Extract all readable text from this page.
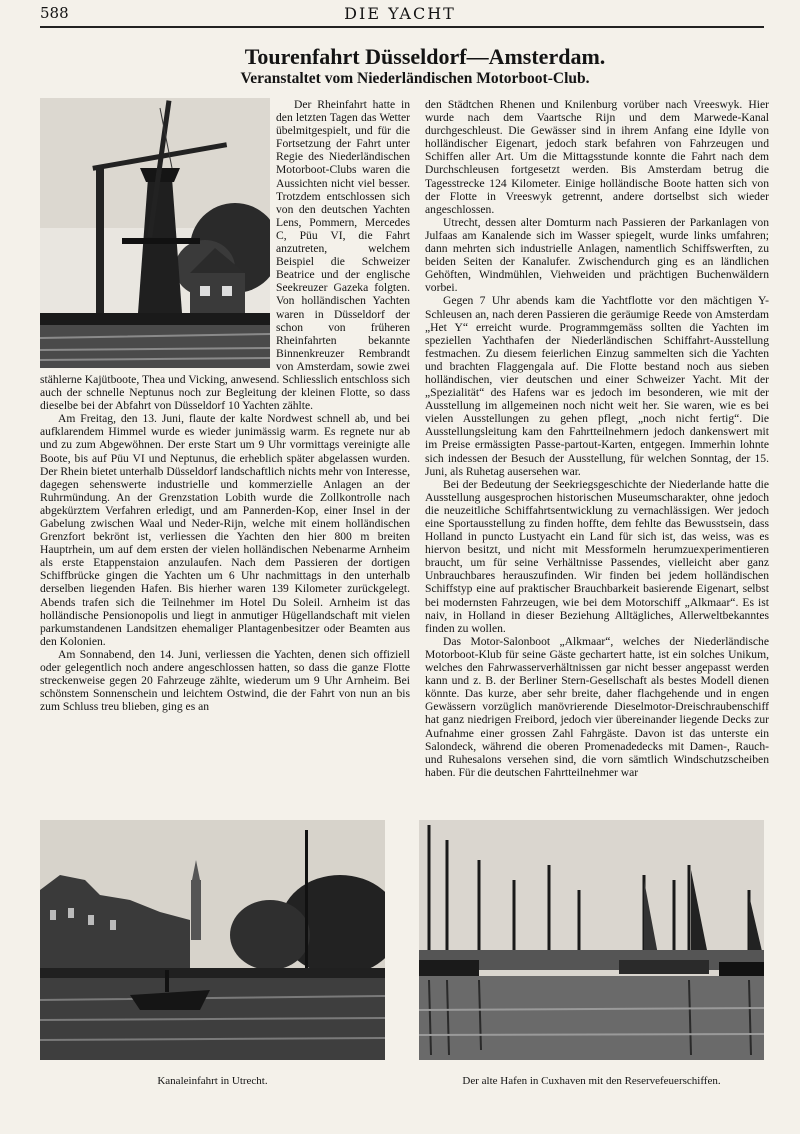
588	DIE YACHT
Tourenfahrt Düsseldorf—Amsterdam.
Veranstaltet vom Niederländischen Motorboot-Club.

Der Rheinfahrt hatte in den letzten Tagen das Wetter übelmitgespielt, und für die Fortsetzung der Fahrt unter Regie des Niederländischen Motorboot-Clubs waren die Aussichten nicht viel besser. Trotzdem entschlossen sich von den deutschen Yachten Lens, Pommern, Mercedes C, Püu VI, die Fahrt anzutreten, welchem Beispiel die Schweizer Beatrice und der englische Seekreuzer Gazeka folgten. Von holländischen Yachten waren in Düsseldorf der schon von früheren Rheinfahrten bekannte Binnenkreuzer Rembrandt von Amsterdam, sowie zwei stählerne Kajütboote, Thea und Vicking, anwesend. Schliesslich entschloss sich auch der schnelle Neptunus noch zur Begleitung der kleinen Flotte, so dass dieselbe bei der Abfahrt von Düsseldorf 10 Yachten zählte.

Am Freitag, den 13. Juni, flaute der kalte Nordwest schnell ab, und bei aufklarendem Himmel wurde es wieder junimässig warm. Es regnete nur ab und zu zum Abgewöhnen. Der erste Start um 9 Uhr vormittags vereinigte alle Boote, bis auf Püu VI und Neptunus, die erheblich später abgelassen wurden. Der Rhein bietet unterhalb Düsseldorf landschaftlich nichts mehr von Interesse, dagegen sehenswerte industrielle und kommerzielle Anlagen an der Ruhrmündung. An der Grenzstation Lobith wurde die Zollkontrolle nach abgekürztem Verfahren erledigt, und am Pannerden-Kop, einer Insel in der Gabelung zwischen Waal und Neder-Rijn, welche mit einem holländischen Grenzfort bekrönt ist, verliessen die Yachten den hier 800 m breiten Hauptrhein, um auf dem ersten der vielen holländischen Nebenarme Arnheim als erste Etappenstaion anzulaufen. Nach dem Passieren der dortigen Schiffbrücke gingen die Yachten um 6 Uhr nachmittags in den unterhalb derselben liegenden Hafen. Bis hierher waren 139 Kilometer zurückgelegt. Abends trafen sich die Teilnehmer im Hotel Du Soleil. Arnheim ist das holländische Pensionopolis und liegt in anmutiger Hügellandschaft mit vielen parkumstandenen Landsitzen ehemaliger Plantagenbesitzer oder Beamten aus den Kolonien.

Am Sonnabend, den 14. Juni, verliessen die Yachten, denen sich offiziell oder gelegentlich noch andere angeschlossen hatten, so dass die ganze Flotte streckenweise gegen 20 Fahrzeuge zählte, wiederum um 9 Uhr Arnheim. Bei schönstem Sonnenschein und leichtem Ostwind, die der Fahrt von nun an bis zum Schluss treu blieben, ging es an

den Städtchen Rhenen und Knilenburg vorüber nach Vreeswyk. Hier wurde nach dem Vaartsche Rijn und dem Marwede-Kanal durchgeschleust. Die Gewässer sind in ihrem Anfang eine Idylle von holländischer Eigenart, jedoch stark befahren von Fahrzeugen und Schiffen aller Art. Um die Mittagsstunde konnte die Fahrt nach dem Durchschleusen fortgesetzt werden. Bis Amsterdam betrug die Tagesstrecke 124 Kilometer. Einige holländische Boote hatten sich von der Flotte in Vreeswyk getrennt, andere dortselbst sich wieder angeschlossen.

Utrecht, dessen alter Domturm nach Passieren der Parkanlagen von Julfaas am Kanalende sich im Wasser spiegelt, wurde links umfahren; dann mehrten sich industrielle Anlagen, namentlich Schiffswerften, zu beiden Seiten der Kanalufer. Zwischendurch ging es an ländlichen Gehöften, Windmühlen, Viehweiden und prächtigen Buchenwäldern vorbei.

Gegen 7 Uhr abends kam die Yachtflotte vor den mächtigen Y-Schleusen an, nach deren Passieren die geräumige Reede von Amsterdam „Het Y“ erreicht wurde. Programmgemäss sollten die Yachten im speziellen Yachthafen der Niederländischen Schiffahrt-Ausstellung festmachen. Zu diesem feierlichen Einzug sammelten sich die Yachten und brachten Flaggengala auf. Die Flotte bestand noch aus sieben holländischen, vier deutschen und einer Schweizer Yacht. Mit der „Spezialität“ des Hafens war es jedoch im besonderen, wie mit der Ausstellung im allgemeinen noch nicht weit her. Sie waren, wie es bei vielen Ausstellungen zu gehen pflegt, „noch nicht fertig“. Die Ausstellungsleitung kam den Fahrtteilnehmern jedoch dankenswert mit im Preise ermässigten Passe-partout-Karten, entgegen. Immerhin lohnte sich indessen der Besuch der Ausstellung, für welchen Sonntag, der 15. Juni, als Ruhetag ausersehen war.

Bei der Bedeutung der Seekriegsgeschichte der Niederlande hatte die Ausstellung ausgesprochen historischen Museumscharakter, ohne jedoch die neuzeitliche Schiffahrtsentwicklung zu vernachlässigen. Wer jedoch eine Sportausstellung zu finden hoffte, dem fehlte das Bewusstsein, dass Holland in puncto Lustyacht ein Land für sich ist, das weiss, was es hiervon besitzt, und nicht mit Messformeln herumzuexperimentieren braucht, um für seine Verhältnisse Passendes, vielleicht aber ganz Unbrauchbares herauszufinden. Wir finden bei jedem holländischen Schiffstyp eine auf praktischer Brauchbarkeit basierende Eigenart, selbst bei modernsten Fahrzeugen, wie bei dem Motorschiff „Alkmaar“. Es ist naiv, in Holland in dieser Beziehung Alltägliches, Allerweltbekanntes finden zu wollen.

Das Motor-Salonboot „Alkmaar“, welches der Niederländische Motorboot-Klub für seine Gäste gechartert hatte, ist ein solches Unikum, welches den Fahrwasserverhältnissen gar nicht besser angepasst werden kann und z. B. der Berliner Stern-Gesellschaft als bestes Modell dienen könnte. Das kurze, aber sehr breite, daher flachgehende und in engen Gewässern vorzüglich manövrierende Dieselmotor-Dreischraubenschiff hat ganz niedrigen Freibord, jedoch vier übereinander liegende Decks zur Aufnahme einer grossen Zahl Fahrgäste. Davon ist das unterste ein Salondeck, während die oberen Promenadedecks mit Damen-, Rauch- und Ruhesalons versehen sind, die vorn sämtlich Windschutzscheiben haben. Für die deutschen Fahrtteilnehmer war

Kanaleinfahrt in Utrecht.	Der alte Hafen in Cuxhaven mit den Reservefeuerschiffen.
